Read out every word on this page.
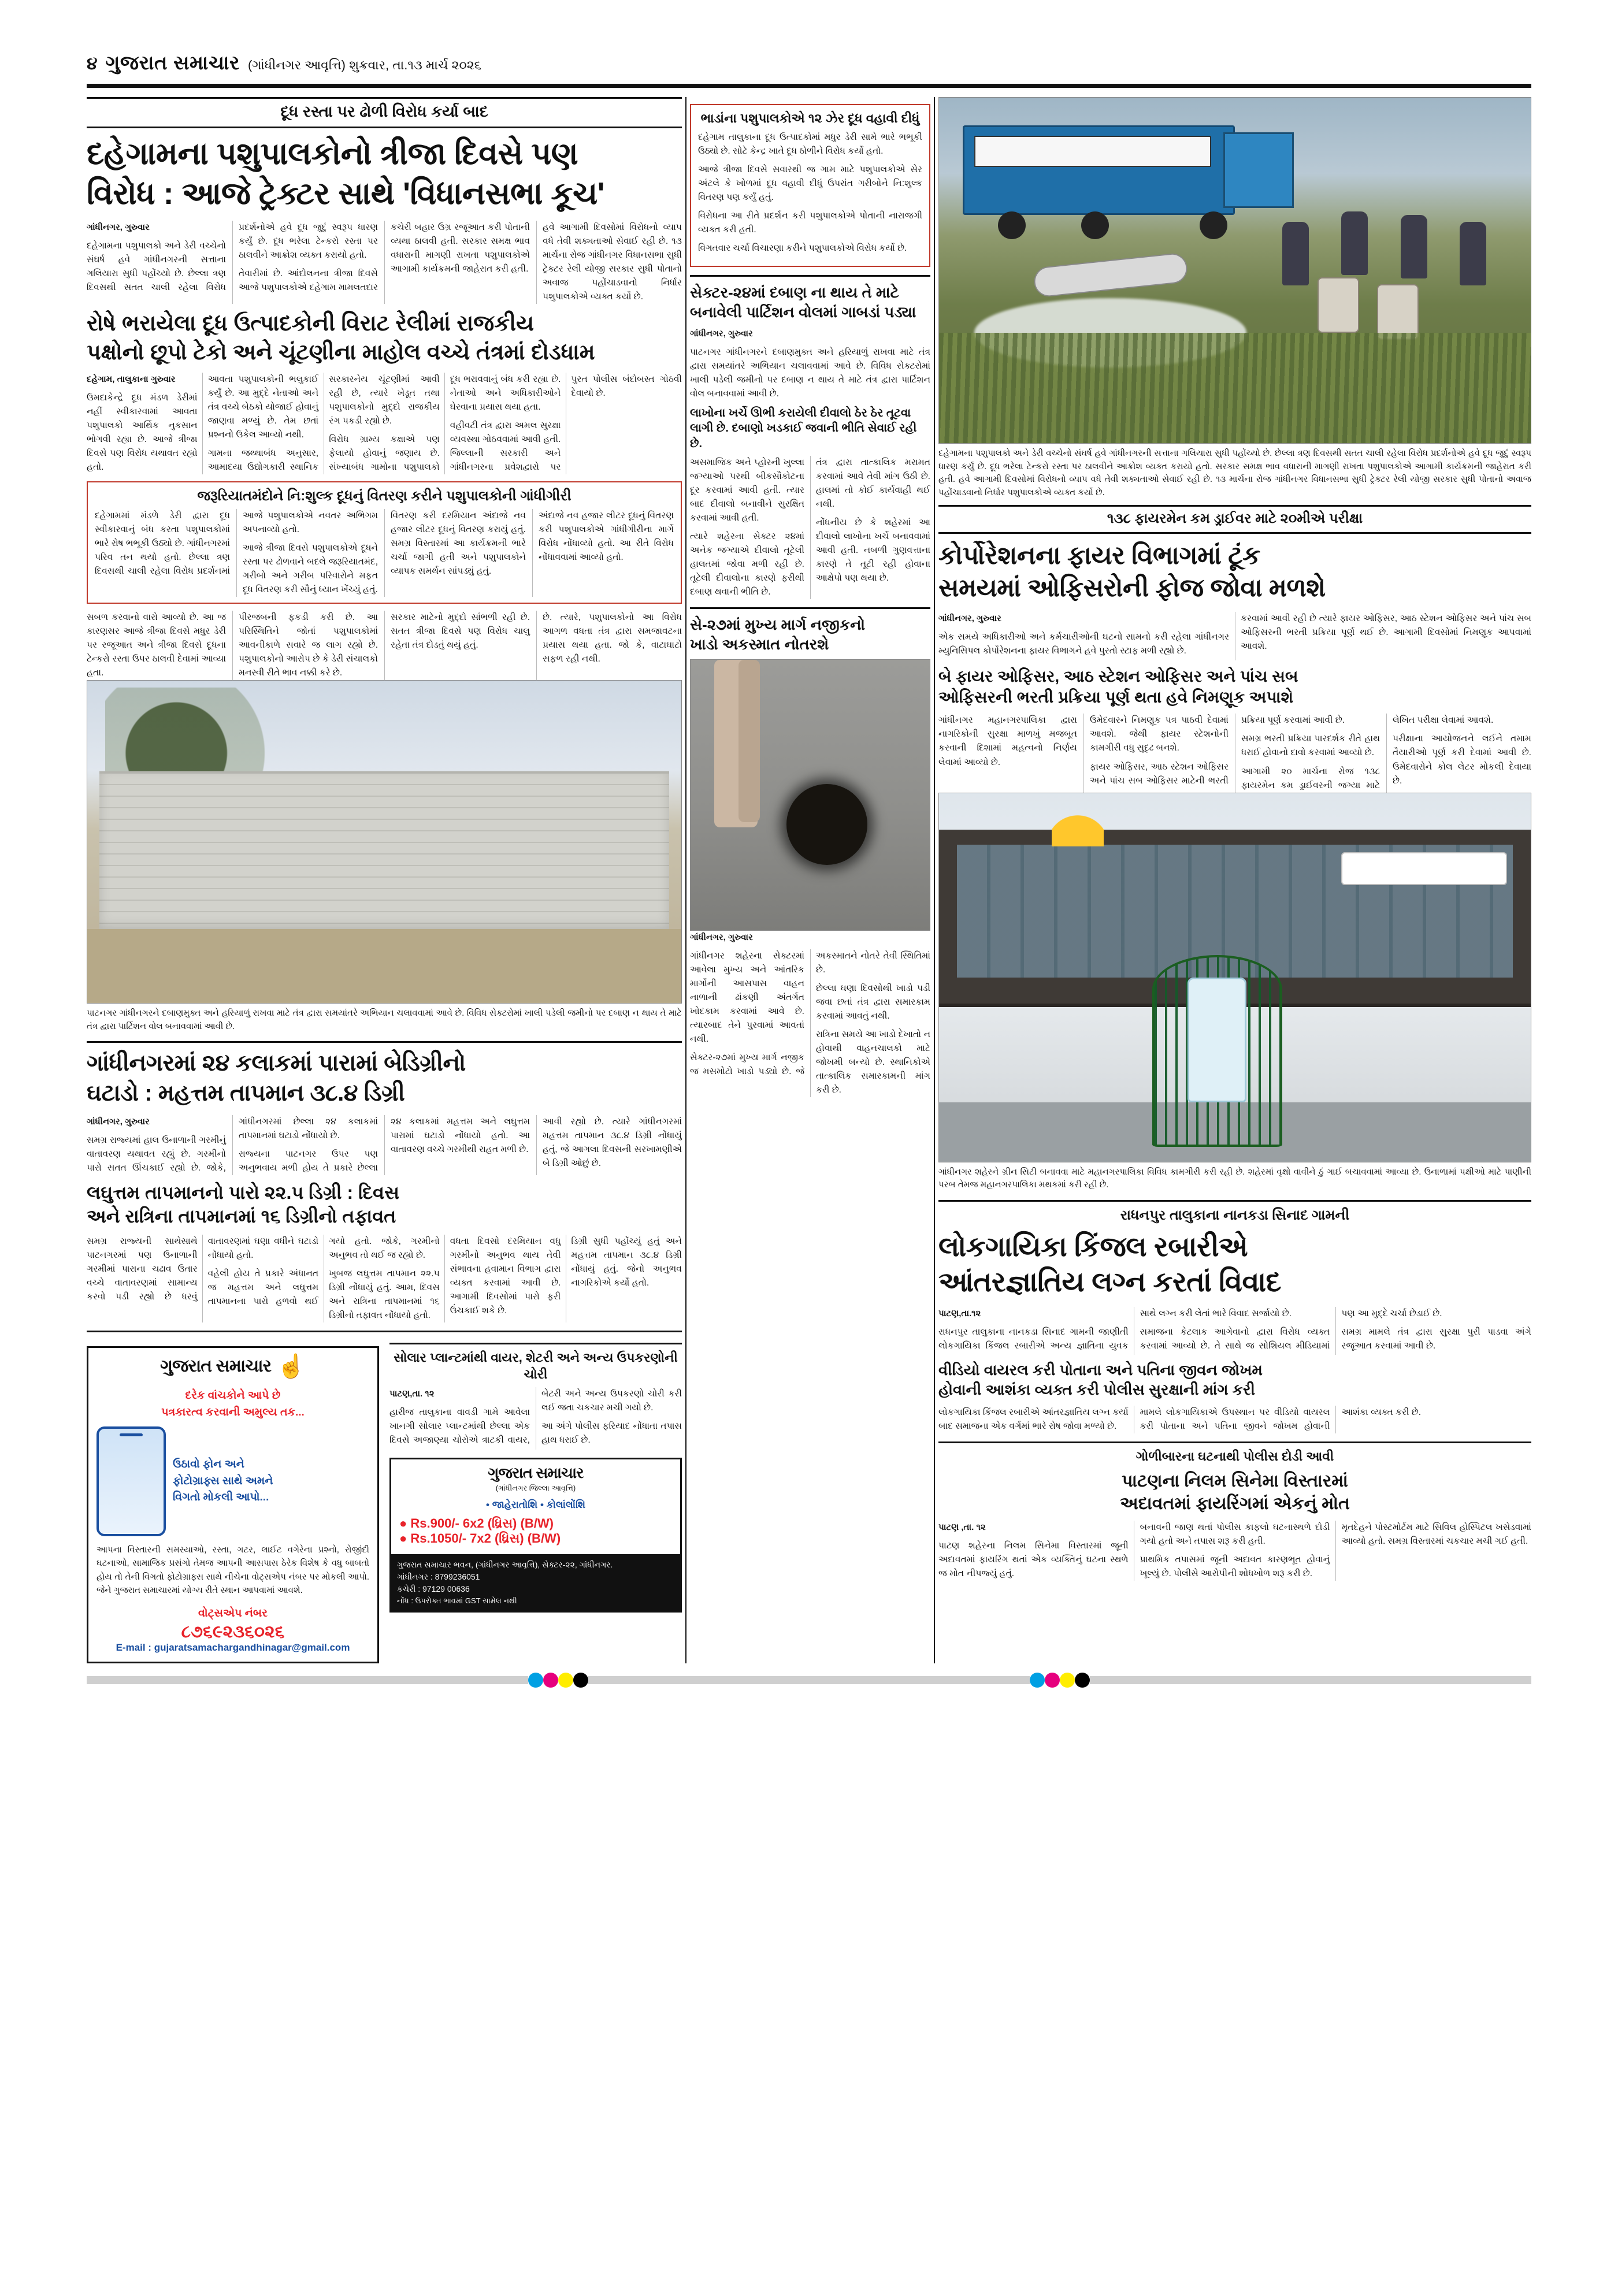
૪ ગુજરાત સમાચાર (ગાંધીનગર આવૃત્તિ) શુક્રવાર, તા.૧૩ માર્ચ ૨૦૨૬
દૂધ રસ્તા પર ઢોળી વિરોધ કર્યા બાદ
દહેગામના પશુપાલકોનો ત્રીજા દિવસે પણ
વિરોધ : આજે ટ્રેક્ટર સાથે 'વિધાનસભા કૂચ'

ગાંધીનગર, ગુરુવાર

દહેગામના પશુપાલકો અને ડેરી વચ્ચેનો સંઘર્ષ હવે ગાંધીનગરની સત્તાના ગલિયારા સુધી પહોંચ્યો છે. છેલ્લા ત્રણ દિવસથી સતત ચાલી રહેલા વિરોધ પ્રદર્શનોએ હવે દૂધ જુદું સ્વરૂપ ધારણ કર્યું છે. દૂધ ભરેલા ટેન્કરો રસ્તા પર ઠાલવીને આક્રોશ વ્યક્ત કરાયો હતો.

તેવારીમાં છે. આંદોલનના ત્રીજા દિવસે આજે પશુપાલકોએ દહેગામ મામલતદાર કચેરી બહાર ઉગ્ર રજૂઆત કરી પોતાની વ્યથા ઠાલવી હતી. સરકાર સમક્ષ ભાવ વધારાની માગણી રાખતા પશુપાલકોએ આગામી કાર્યક્રમની જાહેરાત કરી હતી.

હવે આગામી દિવસોમાં વિરોધનો વ્યાપ વધે તેવી શક્યતાઓ સેવાઈ રહી છે. ૧૩ માર્ચના રોજ ગાંધીનગર વિધાનસભા સુધી ટ્રેક્ટર રેલી યોજી સરકાર સુધી પોતાનો અવાજ પહોંચાડવાનો નિર્ધાર પશુપાલકોએ વ્યક્ત કર્યો છે.

રોષે ભરાયેલા દૂધ ઉત્પાદકોની વિરાટ રેલીમાં રાજકીય
પક્ષોનો છૂપો ટેકો અને ચૂંટણીના માહોલ વચ્ચે તંત્રમાં દોડધામ

દહેગામ, તાલુકાના ગુરુવાર

ઉમદાકેન્દ્રે દૂધ મંડળ ડેરીમાં નહીં સ્વીકારવામાં આવતા પશુપાલકો આર્થિક નુકસાન ભોગવી રહ્યા છે. આજે ત્રીજા દિવસે પણ વિરોધ યથાવત રહ્યો હતો.

આવતા પશુપાલકોની ભલુકાઈ કર્યું છે. આ મુદ્દે નેતાઓ અને તંત્ર વચ્ચે બેઠકો યોજાઈ હોવાનું જાણવા મળ્યું છે. તેમ છતાં પ્રશ્નનો ઉકેલ આવ્યો નથી.

ગામના જથ્થાબંધ અનુસાર, આમાદયા ઉદ્યોગકારી સ્થાનિક સરકારનેય ચૂંટણીમાં આવી રહી છે, ત્યારે ખેડૂત તથા પશુપાલકોનો મુદ્દો રાજકીય રંગ પકડી રહ્યો છે.

વિરોધ ગ્રામ્ય કક્ષાએ પણ ફેલાયો હોવાનું જણાય છે. સંખ્યાબંધ ગામોના પશુપાલકો દૂધ ભરાવવાનું બંધ કરી રહ્યા છે. નેતાઓ અને અધિકારીઓને ઘેરવાના પ્રયાસ થયા હતા.

વહીવટી તંત્ર દ્વારા અમલ સુરક્ષા વ્યવસ્થા ગોઠવવામાં આવી હતી. જિલ્લાની સરકારી અને ગાંધીનગરના પ્રવેશદ્વારો પર પુરત પોલીસ બંદોબસ્ત ગોઠવી દેવાયો છે.

જરૂરિયાતમંદોને નિ:શુલ્ક દૂધનું વિતરણ કરીને પશુપાલકોની ગાંધીગીરી

દહેગામમાં મંડળે ડેરી દ્વારા દૂધ સ્વીકારવાનું બંધ કરતા પશુપાલકોમાં ભારે રોષ ભભૂકી ઉઠ્યો છે. ગાંધીનગરમાં પરિવ તન થયો હતો. છેલ્લા ત્રણ દિવસથી ચાલી રહેલા વિરોધ પ્રદર્શનમાં આજે પશુપાલકોએ નવતર અભિગમ અપનાવ્યો હતો.

આજે ત્રીજા દિવસે પશુપાલકોએ દૂધને રસ્તા પર ઢોળવાને બદલે જરૂરિયાતમંદ, ગરીબો અને ગરીબ પરિવારોને મફત દૂધ વિતરણ કરી સૌનું ધ્યાન ખેંચ્યું હતું.

વિતરણ કરી દરમિયાન અંદાજે નવ હજાર લીટર દૂધનું વિતરણ કરાયું હતું. સમગ્ર વિસ્તારમાં આ કાર્યક્રમની ભારે ચર્ચા જાગી હતી અને પશુપાલકોને વ્યાપક સમર્થન સાંપડ્યું હતું.

અંદાજે નવ હજાર લીટર દૂધનું વિતરણ કરી પશુપાલકોએ ગાંધીગીરીના માર્ગે વિરોધ નોંધાવ્યો હતો. આ રીતે વિરોધ નોંધાવવામાં આવ્યો હતો.

સબળ કરવાનો વારો આવ્યો છે. આ જ કારણસર આજે ત્રીજા દિવસે મધુર ડેરી પર રજૂઆત અને ત્રીજા દિવસે દૂધના ટેન્કરો રસ્તા ઉપર ઠાલવી દેવામાં આવ્યા હતા.

પીરજબની ફકડી કરી છે. આ પરિસ્થિતિને જોતાં પશુપાલકોમાં આવનીકાળે સવારે જ લાગ રહ્યો છે. પશુપાલકોનો આરોપ છે કે ડેરી સંચાલકો મનસ્વી રીતે ભાવ નક્કી કરે છે.

સરકાર માટેનો મુદ્દો સાંભળી રહી છે. સતત ત્રીજા દિવસે પણ વિરોધ ચાલુ રહેતા તંત્ર દોડતું થયું હતું.

છે. ત્યારે, પશુપાલકોનો આ વિરોધ આગળ વધતા તંત્ર દ્વારા સમજાવટના પ્રયાસ થયા હતા. જો કે, વાટાઘાટો સફળ રહી નથી.

પાટનગર ગાંધીનગરને દબાણમુક્ત અને હરિયાળું રાખવા માટે તંત્ર દ્વારા સમયાંતરે અભિયાન ચલાવવામાં આવે છે. વિવિધ સેક્ટરોમાં ખાલી પડેલી જમીનો પર દબાણ ન થાય તે માટે તંત્ર દ્વારા પાર્ટિશન વોલ બનાવવામાં આવી છે.

ગાંધીનગરમાં ૨૪ કલાકમાં પારામાં બેડિગ્રીનો
ઘટાડો : મહત્તમ તાપમાન ૩૮.૪ ડિગ્રી

ગાંધીનગર, ગુરુવાર

સમગ્ર રાજ્યમાં હાલ ઉનાળાની ગરમીનું વાતાવરણ યથાવત રહ્યું છે. ગરમીનો પારો સતત ઊંચકાઈ રહ્યો છે. જોકે, ગાંધીનગરમાં છેલ્લા ૨૪ કલાકમાં તાપમાનમાં ઘટાડો નોંધાયો છે.

રાજ્યના પાટનગર ઉપર પણ અનુભવાય મળી હોય તે પ્રકારે છેલ્લા ૨૪ કલાકમાં મહત્તમ અને લઘુત્તમ પારામાં ઘટાડો નોંધાયો હતો. આ વાતાવરણ વચ્ચે ગરમીથી રાહત મળી છે.

આવી રહ્યો છે. ત્યારે ગાંધીનગરમાં મહત્તમ તાપમાન ૩૮.૪ ડિગ્રી નોંધાયું હતું, જે આગલા દિવસની સરખામણીએ બે ડિગ્રી ઓછું છે.

લઘુત્તમ તાપમાનનો પારો ૨૨.૫ ડિગ્રી : દિવસ
અને રાત્રિના તાપમાનમાં ૧૬ ડિગ્રીનો તફાવત

સમગ્ર રાજ્યની સાથેસાથે પાટનગરમાં પણ ઉનાળાની ગરમીમાં પારાના ચઢાવ ઉતાર વચ્ચે વાતાવરણમાં સામાન્ય કરવો પડી રહ્યો છે ધરવું વાતાવરણમાં ઘણા વધીને ઘટાડો નોંધાયો હતો.

વહેલી હોય તે પ્રકારે અંધાનત જ મહત્તમ અને લઘુત્તમ તાપમાનના પારો હળવો થઈ ગયો હતો. જોકે, ગરમીનો અનુભવ તો થઈ જ રહ્યો છે.

ખુબજ લઘુત્તમ તાપમાન ૨૨.૫ ડિગ્રી નોંધાયું હતું. આમ, દિવસ અને રાત્રિના તાપમાનમાં ૧૬ ડિગ્રીનો તફાવત નોંધાયો હતો.

વધતા દિવસો દરમિયાન વધુ ગરમીનો અનુભવ થાય તેવી સંભાવના હવામાન વિભાગ દ્વારા વ્યક્ત કરવામાં આવી છે. આગામી દિવસોમાં પારો ફરી ઉંચકાઈ શકે છે.

ડિગ્રી સુધી પહોંચ્યું હતું અને મહત્તમ તાપમાન ૩૮.૪ ડિગ્રી નોંધાયું હતું. જેનો અનુભવ નાગરિકોએ કર્યો હતો.

ગુજરાત સમાચાર ☝
દરેક વાંચકોને આપે છે
પત્રકારત્વ કરવાની અમુલ્ય તક...
ઉઠાવો ફોન અને
ફોટોગ્રાફ્સ સાથે અમને
વિગતો મોકલી આપો...

આપના વિસ્તારની સમસ્યાઓ, રસ્તા, ગટર, લાઈટ વગેરેના પ્રશ્નો, રોજીંદી ઘટનાઓ, સામાજિક પ્રસંગો તેમજ આપની આસપાસ ઠેરેક વિશેષ કે વધુ બાબતો હોય તો તેની વિગતો ફોટોગ્રાફ્સ સાથે નીચેના વોટ્સએપ નંબર પર મોકલી આપો. જેને ગુજરાત સમાચારમાં યોગ્ય રીતે સ્થાન આપવામાં આવશે.

વોટ્સએપ નંબર
૮૭૬૯૨૩૬૦૨૬
E-mail : gujaratsamachargandhinagar@gmail.com
સોલાર પ્લાન્ટમાંથી વાયર, શેટરી અને અન્ય ઉપકરણોની ચોરી

પાટણ,તા. ૧૨

હારીજ તાલુકાના વાવડી ગામે આવેલા ખાનગી સોલાર પ્લાન્ટમાંથી છેલ્લા એક દિવસે અજાણ્યા ચોરોએ ત્રાટકી વાયર, બેટરી અને અન્ય ઉપકરણો ચોરી કરી લઈ જતા ચકચાર મચી ગયો છે.

આ અંગે પોલીસ ફરિયાદ નોંધાતા તપાસ હાથ ધરાઈ છે.

ગુજરાત સમાચાર
(ગાંધીનગર જિલ્લા આવૃત્તિ)
• જાહેરાતોશિ • કોલાંલોંશિ
● Rs.900/- 6x2 (ધ્રિસ) (B/W)
● Rs.1050/- 7x2 (ધ્રિસ) (B/W)
ગુજરાત સમાચાર ભવન, (ગાંધીનગર આવૃત્તિ), સેક્ટર-૨૨, ગાંધીનગર.
ગાંધીનગર : 8799236051
કચેરી : 97129 00636
નોંધ : ઉપરોક્ત ભાવમાં GST સામેલ નથી
ભાડાંના પશુપાલકોએ ૧૨ ઝેર દૂધ વહાવી દીધું

દહેગામ તાલુકાના દૂધ ઉત્પાદકોમાં મધુર ડેરી સામે ભારે ભભૂકી ઉઠ્યો છે. સોટે કેન્દ્ર ખાતે દૂધ ઠોળીને વિરોધ કર્યો હતો.

આજે ત્રીજા દિવસે સવારથી જ ગામ માટે પશુપાલકોએ સેર અંટલે કે ખોળમાં દૂધ વહાવી દીધું ઉપરાંત ગરીબોને નિ:શુલ્ક વિતરણ પણ કર્યું હતું.

વિરોધના આ રીતે પ્રદર્શન કરી પશુપાલકોએ પોતાની નારાજગી વ્યક્ત કરી હતી.

વિગતવાર ચર્ચા વિચારણા કરીને પશુપાલકોએ વિરોધ કર્યો છે.

સેક્ટર-૨૪માં દબાણ ના થાય તે માટે
બનાવેલી પાર્ટિશન વોલમાં ગાબડાં પડ્યા

ગાંધીનગર, ગુરુવાર

પાટનગર ગાંધીનગરને દબાણમુક્ત અને હરિયાળું રાખવા માટે તંત્ર દ્વારા સમયાંતરે અભિયાન ચલાવવામાં આવે છે. વિવિધ સેક્ટરોમાં ખાલી પડેલી જમીનો પર દબાણ ન થાય તે માટે તંત્ર દ્વારા પાર્ટિશન વોલ બનાવવામાં આવી છે.

લાખોના ખર્ચે ઊભી કરાયેલી દીવાલો ઠેર ઠેર તૂટવા લાગી છે. દબાણો ખડકાઈ જવાની ભીતિ સેવાઈ રહી છે.

અસમાજિક અને પ્હોરની ખુલ્લા જગ્યાઓ પરથી બીકસૌકોટના દૂર કરવામાં આવી હતી. ત્યાર બાદ દીવાલો બનાવીને સુરક્ષિત કરવામાં આવી હતી.

ત્યારે શહેરના સેક્ટર ૨૪માં અનેક જગ્યાએ દીવાલો તૂટેલી હાલતમાં જોવા મળી રહી છે. તૂટેલી દીવાલોના કારણે ફરીથી દબાણ થવાની ભીતિ છે.

તંત્ર દ્વારા તાત્કાલિક મરામત કરવામાં આવે તેવી માંગ ઉઠી છે. હાલમાં તો કોઈ કાર્યવાહી થઈ નથી.

નોંધનીય છે કે શહેરમાં આ દીવાલો લાખોના ખર્ચે બનાવવામાં આવી હતી. નબળી ગુણવત્તાના કારણે તે તૂટી રહી હોવાના આક્ષેપો પણ થયા છે.

સે-૨૭માં મુખ્ય માર્ગ નજીકનો
ખાડો અકસ્માત નોતરશે

ગાંધીનગર, ગુરુવાર

ગાંધીનગર શહેરના સેક્ટરમાં આવેલા મુખ્ય અને આંતરિક માર્ગોની આસપાસ વાહન નાળાની ઢાંકણી અંતર્ગત ખોદકામ કરવામાં આવે છે. ત્યારબાદ તેને પુરવામાં આવતાં નથી.

સેક્ટર-૨૭માં મુખ્ય માર્ગ નજીક જ મસમોટો ખાડો પડ્યો છે. જે અકસ્માતને નોતરે તેવી સ્થિતિમાં છે.

છેલ્લા ઘણા દિવસોથી ખાડો પડી જવા છતાં તંત્ર દ્વારા સમારકામ કરવામાં આવતું નથી.

રાત્રિના સમયે આ ખાડો દેખાતો ન હોવાથી વાહનચાલકો માટે જોખમી બન્યો છે. સ્થાનિકોએ તાત્કાલિક સમારકામની માંગ કરી છે.

દહેગામના પશુપાલકો અને ડેરી વચ્ચેનો સંઘર્ષ હવે ગાંધીનગરની સત્તાના ગલિયારા સુધી પહોંચ્યો છે. છેલ્લા ત્રણ દિવસથી સતત ચાલી રહેલા વિરોધ પ્રદર્શનોએ હવે દૂધ જુદું સ્વરૂપ ધારણ કર્યું છે. દૂધ ભરેલા ટેન્કરો રસ્તા પર ઠાલવીને આક્રોશ વ્યક્ત કરાયો હતો. સરકાર સમક્ષ ભાવ વધારાની માગણી રાખતા પશુપાલકોએ આગામી કાર્યક્રમની જાહેરાત કરી હતી. હવે આગામી દિવસોમાં વિરોધનો વ્યાપ વધે તેવી શક્યતાઓ સેવાઈ રહી છે. ૧૩ માર્ચના રોજ ગાંધીનગર વિધાનસભા સુધી ટ્રેક્ટર રેલી યોજી સરકાર સુધી પોતાનો અવાજ પહોંચાડવાનો નિર્ધાર પશુપાલકોએ વ્યક્ત કર્યો છે.

૧૩૮ ફાયરમેન કમ ડ્રાઈવર માટે ૨૦મીએ પરીક્ષા
કોર્પોરેશનના ફાયર વિભાગમાં ટૂંક
સમયમાં ઓફિસરોની ફોજ જોવા મળશે

ગાંધીનગર, ગુરુવાર

એક સમયે અધિકારીઓ અને કર્મચારીઓની ઘટનો સામનો કરી રહેલા ગાંધીનગર મ્યુનિસિપલ કોર્પોરેશનના ફાયર વિભાગને હવે પુરતો સ્ટાફ મળી રહ્યો છે.

કરવામાં આવી રહી છે ત્યારે ફાયર ઓફિસર, આઠ સ્ટેશન ઓફિસર અને પાંચ સબ ઓફિસરની ભરતી પ્રક્રિયા પૂર્ણ થઈ છે. આગામી દિવસોમાં નિમણૂક આપવામાં આવશે.

બે ફાયર ઓફિસર, આઠ સ્ટેશન ઓફિસર અને પાંચ સબ
ઓફિસરની ભરતી પ્રક્રિયા પૂર્ણ થતા હવે નિમણૂક અપાશે

ગાંધીનગર મહાનગરપાલિકા દ્વારા નાગરિકોની સુરક્ષા માળખું મજબૂત કરવાની દિશામાં મહત્વનો નિર્ણય લેવામાં આવ્યો છે.

ઉમેદવારને નિમણૂક પત્ર પાઠવી દેવામાં આવશે. જેથી ફાયર સ્ટેશનોની કામગીરી વધુ સુદૃઢ બનશે.

ફાયર ઓફિસર, આઠ સ્ટેશન ઓફિસર અને પાંચ સબ ઓફિસર માટેની ભરતી પ્રક્રિયા પૂર્ણ કરવામાં આવી છે.

સમગ્ર ભરતી પ્રક્રિયા પારદર્શક રીતે હાથ ધરાઈ હોવાનો દાવો કરવામાં આવ્યો છે.

આગામી ૨૦ માર્ચના રોજ ૧૩૮ ફાયરમેન કમ ડ્રાઈવરની જગ્યા માટે લેખિત પરીક્ષા લેવામાં આવશે.

પરીક્ષાના આયોજનને લઈને તમામ તૈયારીઓ પૂર્ણ કરી દેવામાં આવી છે. ઉમેદવારોને કોલ લેટર મોકલી દેવાયા છે.

ગાંધીનગર શહેરને ગ્રીન સિટી બનાવવા માટે મહાનગરપાલિકા વિવિધ કામગીરી કરી રહી છે. શહેરમાં વૃક્ષો વાવીને ઠું ગાઈ બચાવવામાં આવ્યા છે. ઉનાળામાં પક્ષીઓ માટે પાણીની પરબ તેમજ મહાનગરપાલિકા મથકમાં કરી રહી છે.

રાધનપુર તાલુકાના નાનકડા સિનાદ ગામની
લોકગાયિકા કિંજલ રબારીએ
આંતરજ્ઞાતિય લગ્ન કરતાં વિવાદ

પાટણ,તા.૧૨

રાધનપુર તાલુકાના નાનકડા સિનાદ ગામની જાણીતી લોકગાયિકા કિંજલ રબારીએ અન્ય જ્ઞાતિના યુવક સાથે લગ્ન કરી લેતાં ભારે વિવાદ સર્જાયો છે.

સમાજના કેટલાક આગેવાનો દ્વારા વિરોધ વ્યક્ત કરવામાં આવ્યો છે. તે સાથે જ સોશિયલ મીડિયામાં પણ આ મુદ્દે ચર્ચા છેડાઈ છે.

સમગ્ર મામલે તંત્ર દ્વારા સુરક્ષા પુરી પાડવા અંગે રજૂઆત કરવામાં આવી છે.

વીડિયો વાયરલ કરી પોતાના અને પતિના જીવન જોખમ
હોવાની આશંકા વ્યક્ત કરી પોલીસ સુરક્ષાની માંગ કરી

લોકગાયિકા કિંજલ રબારીએ આંતરજ્ઞાતિય લગ્ન કર્યા બાદ સમાજના એક વર્ગમાં ભારે રોષ જોવા મળ્યો છે.

મામલે લોકગાયિકાએ ઉપસ્થાન પર વીડિયો વાયરલ કરી પોતાના અને પતિના જીવને જોખમ હોવાની આશંકા વ્યક્ત કરી છે.

ગોળીબારના ઘટનાથી પોલીસ દોડી આવી
પાટણના નિલમ સિનેમા વિસ્તારમાં
અદાવતમાં ફાયરિંગમાં એકનું મોત

પાટણ ,તા. ૧૨

પાટણ શહેરના નિલમ સિનેમા વિસ્તારમાં જૂની અદાવતમાં ફાયરિંગ થતાં એક વ્યક્તિનું ઘટના સ્થળે જ મોત નીપજ્યું હતું.

બનાવની જાણ થતાં પોલીસ કાફલો ઘટનાસ્થળે દોડી ગયો હતો અને તપાસ શરૂ કરી હતી.

પ્રાથમિક તપાસમાં જૂની અદાવત કારણભૂત હોવાનું ખૂલ્યું છે. પોલીસે આરોપીની શોધખોળ શરૂ કરી છે.

મૃતદેહને પોસ્ટમોર્ટમ માટે સિવિલ હોસ્પિટલ ખસેડવામાં આવ્યો હતો. સમગ્ર વિસ્તારમાં ચકચાર મચી ગઈ હતી.
